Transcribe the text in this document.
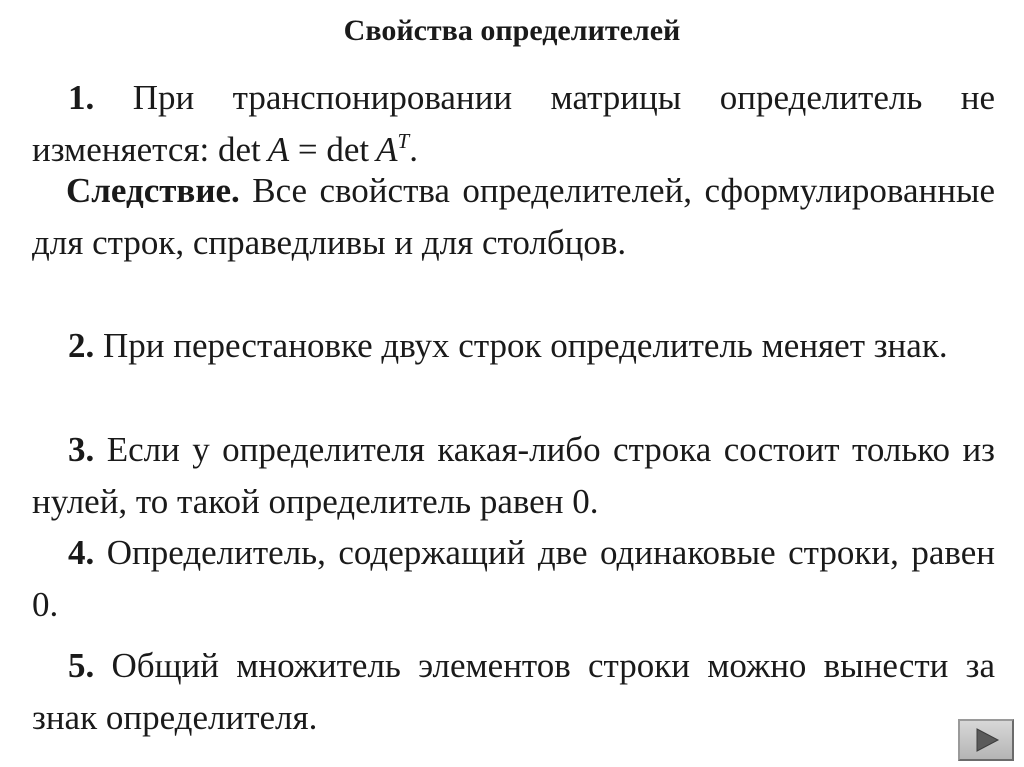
Свойства определителей
1. При транспонировании матрицы определитель не изменяется: $\det A = \det A^T$.
Следствие. Все свойства определителей, сформулированные для строк, справедливы и для столбцов.
2. При перестановке двух строк определитель меняет знак.
3. Если у определителя какая-либо строка состоит только из нулей, то такой определитель равен 0.
4. Определитель, содержащий две одинаковые строки, равен 0.
5. Общий множитель элементов строки можно вынести за знак определителя.
